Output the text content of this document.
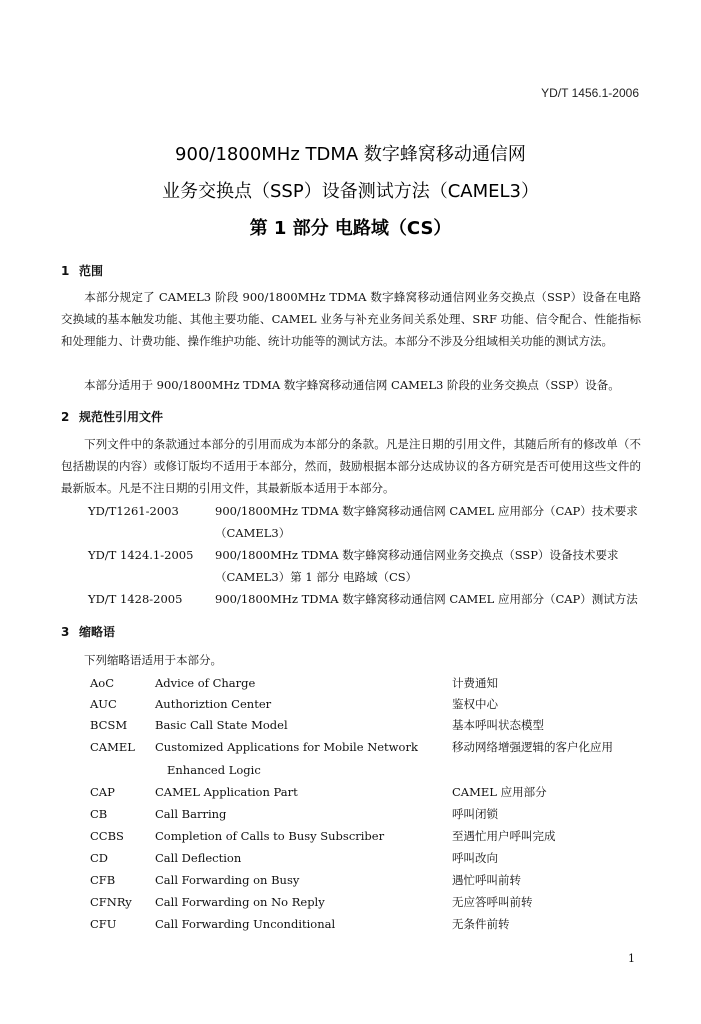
YD/T 1456.1-2006
900/1800MHz TDMA 数字蜂窝移动通信网
业务交换点（SSP）设备测试方法（CAMEL3）
第 1 部分 电路域（CS）
1 范围
本部分规定了 CAMEL3 阶段 900/1800MHz TDMA 数字蜂窝移动通信网业务交换点（SSP）设备在电路交换域的基本触发功能、其他主要功能、CAMEL 业务与补充业务间关系处理、SRF 功能、信令配合、性能指标和处理能力、计费功能、操作维护功能、统计功能等的测试方法。本部分不涉及分组域相关功能的测试方法。
本部分适用于 900/1800MHz TDMA 数字蜂窝移动通信网 CAMEL3 阶段的业务交换点（SSP）设备。
2 规范性引用文件
下列文件中的条款通过本部分的引用而成为本部分的条款。凡是注日期的引用文件，其随后所有的修改单（不包括勘误的内容）或修订版均不适用于本部分，然而，鼓励根据本部分达成协议的各方研究是否可使用这些文件的最新版本。凡是不注日期的引用文件，其最新版本适用于本部分。
YD/T1261-2003	900/1800MHz TDMA 数字蜂窝移动通信网 CAMEL 应用部分（CAP）技术要求（CAMEL3）
YD/T 1424.1-2005 900/1800MHz TDMA 数字蜂窝移动通信网业务交换点（SSP）设备技术要求（CAMEL3）第 1 部分 电路域（CS）
YD/T 1428-2005	900/1800MHz TDMA 数字蜂窝移动通信网 CAMEL 应用部分（CAP）测试方法
3 缩略语
下列缩略语适用于本部分。
AoC	Advice of Charge	计费通知
AUC	Authoriztion Center	鉴权中心
BCSM Basic Call State Model	基本呼叫状态模型
CAMEL Customized Applications for Mobile Network	移动网络增强逻辑的客户化应用
Enhanced Logic
CAP	CAMEL Application Part	CAMEL 应用部分
CB	Call Barring	呼叫闭锁
CCBS	Completion of Calls to Busy Subscriber	至遇忙用户呼叫完成
CD	Call Deflection	呼叫改向
CFB	Call Forwarding on Busy	遇忙呼叫前转
CFNRy Call Forwarding on No Reply	无应答呼叫前转
CFU	Call Forwarding Unconditional	无条件前转
1
